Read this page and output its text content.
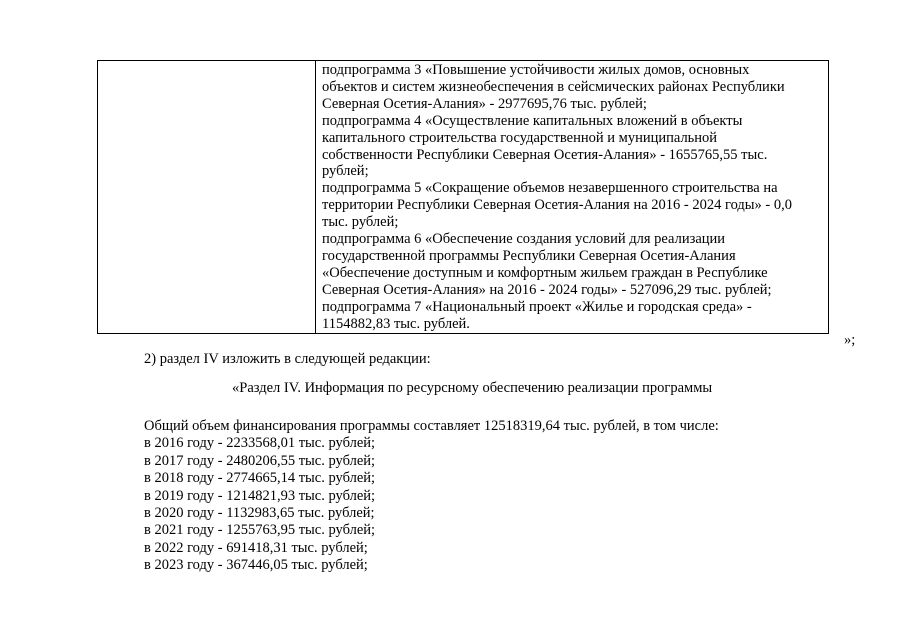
подпрограмма 3 «Повышение устойчивости жилых домов, основных
объектов и систем жизнеобеспечения в сейсмических районах Республики
Северная Осетия-Алания» - 2977695,76 тыс. рублей;
подпрограмма 4 «Осуществление капитальных вложений в объекты
капитального строительства государственной и муниципальной
собственности Республики Северная Осетия-Алания» - 1655765,55 тыс.
рублей;
подпрограмма 5 «Сокращение объемов незавершенного строительства на
территории Республики Северная Осетия-Алания на 2016 - 2024 годы» - 0,0
тыс. рублей;
подпрограмма 6 «Обеспечение создания условий для реализации
государственной программы Республики Северная Осетия-Алания
«Обеспечение доступным и комфортным жильем граждан в Республике
Северная Осетия-Алания» на 2016 - 2024 годы» - 527096,29 тыс. рублей;
подпрограмма 7 «Национальный проект «Жилье и городская среда» -
1154882,83 тыс. рублей.
»;
2) раздел IV изложить в следующей редакции:
«Раздел IV. Информация по ресурсному обеспечению реализации программы
Общий объем финансирования программы составляет 12518319,64 тыс. рублей, в том числе:
в 2016 году - 2233568,01 тыс. рублей;
в 2017 году - 2480206,55 тыс. рублей;
в 2018 году - 2774665,14 тыс. рублей;
в 2019 году - 1214821,93 тыс. рублей;
в 2020 году - 1132983,65 тыс. рублей;
в 2021 году - 1255763,95 тыс. рублей;
в 2022 году - 691418,31 тыс. рублей;
в 2023 году - 367446,05 тыс. рублей;
